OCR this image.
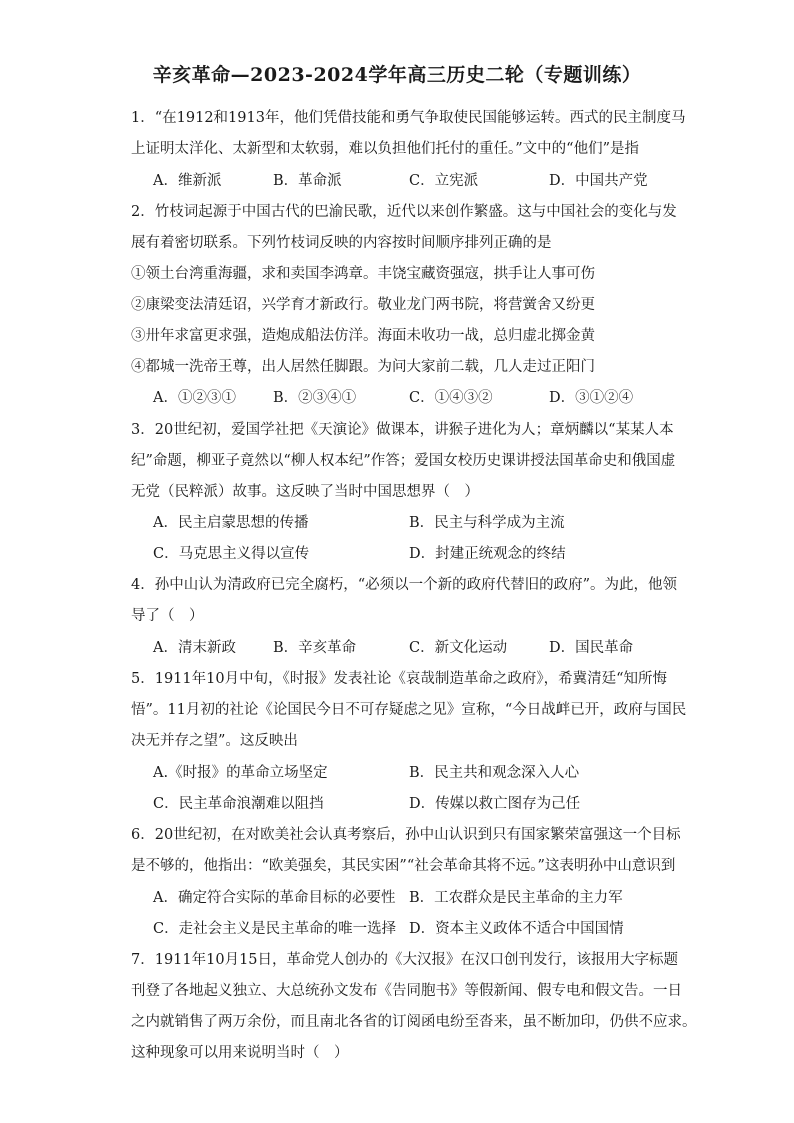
辛亥革命—2023-2024学年高三历史二轮（专题训练）
1．“在1912和1913年，他们凭借技能和勇气争取使民国能够运转。西式的民主制度马
上证明太洋化、太新型和太软弱，难以负担他们托付的重任。”文中的“他们”是指
A．维新派	B．革命派	C．立宪派	D．中国共产党
2．竹枝词起源于中国古代的巴渝民歌，近代以来创作繁盛。这与中国社会的变化与发
展有着密切联系。下列竹枝词反映的内容按时间顺序排列正确的是
①领土台湾重海疆，求和卖国李鸿章。丰饶宝藏资强寇，拱手让人事可伤
②康梁变法清廷诏，兴学育才新政行。敬业龙门两书院，将营黉舍又纷更
③卅年求富更求强，造炮成船法仿洋。海面未收功一战，总归虚北掷金黄
④都城一洗帝王尊，出人居然任脚跟。为问大家前二载，几人走过正阳门
A．①②③①	B．②③④①	C．①④③②	D．③①②④
3．20世纪初，爱国学社把《天演论》做课本，讲猴子进化为人；章炳麟以“某某人本
纪”命题，柳亚子竟然以“柳人权本纪”作答；爱国女校历史课讲授法国革命史和俄国虚
无党（民粹派）故事。这反映了当时中国思想界（　）
A．民主启蒙思想的传播	B．民主与科学成为主流
C．马克思主义得以宣传	D．封建正统观念的终结
4．孙中山认为清政府已完全腐朽，“必须以一个新的政府代替旧的政府”。为此，他领
导了（　）
A．清末新政	B．辛亥革命	C．新文化运动	D．国民革命
5．1911年10月中旬，《时报》发表社论《哀哉制造革命之政府》，希冀清廷“知所悔
悟”。11月初的社论《论国民今日不可存疑虑之见》宣称，“今日战衅已开，政府与国民
决无并存之望”。这反映出
A.《时报》的革命立场坚定	B．民主共和观念深入人心
C．民主革命浪潮难以阻挡	D．传媒以救亡图存为己任
6．20世纪初，在对欧美社会认真考察后，孙中山认识到只有国家繁荣富强这一个目标
是不够的，他指出：“欧美强矣，其民实困”“社会革命其将不远。”这表明孙中山意识到
A．确定符合实际的革命目标的必要性 B．工农群众是民主革命的主力军
C．走社会主义是民主革命的唯一选择 D．资本主义政体不适合中国国情
7．1911年10月15日，革命党人创办的《大汉报》在汉口创刊发行，该报用大字标题
刊登了各地起义独立、大总统孙文发布《告同胞书》等假新闻、假专电和假文告。一日
之内就销售了两万余份，而且南北各省的订阅函电纷至沓来，虽不断加印，仍供不应求。
这种现象可以用来说明当时（　）
